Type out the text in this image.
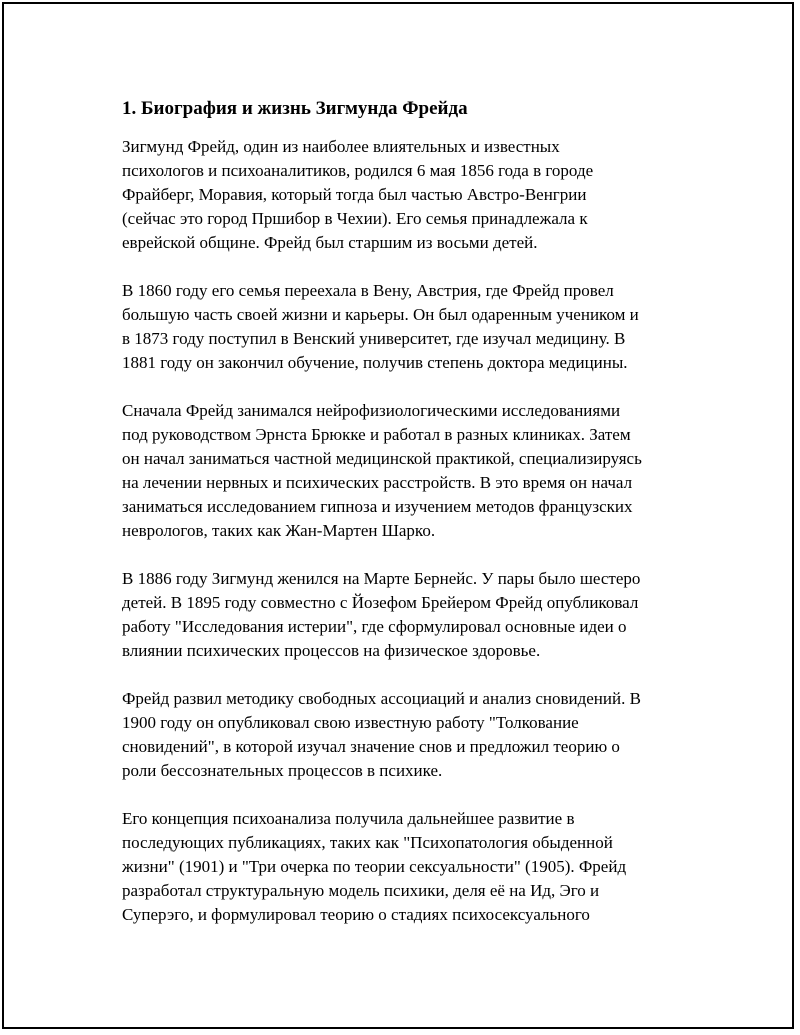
1. Биография и жизнь Зигмунда Фрейда

Зигмунд Фрейд, один из наиболее влиятельных и известных
психологов и психоаналитиков, родился 6 мая 1856 года в городе
Фрайберг, Моравия, который тогда был частью Австро-Венгрии
(сейчас это город Пршибор в Чехии). Его семья принадлежала к
еврейской общине. Фрейд был старшим из восьми детей.

В 1860 году его семья переехала в Вену, Австрия, где Фрейд провел
большую часть своей жизни и карьеры. Он был одаренным учеником и
в 1873 году поступил в Венский университет, где изучал медицину. В
1881 году он закончил обучение, получив степень доктора медицины.

Сначала Фрейд занимался нейрофизиологическими исследованиями
под руководством Эрнста Брюкке и работал в разных клиниках. Затем
он начал заниматься частной медицинской практикой, специализируясь
на лечении нервных и психических расстройств. В это время он начал
заниматься исследованием гипноза и изучением методов французских
неврологов, таких как Жан-Мартен Шарко.

В 1886 году Зигмунд женился на Марте Бернейс. У пары было шестеро
детей. В 1895 году совместно с Йозефом Брейером Фрейд опубликовал
работу "Исследования истерии", где сформулировал основные идеи о
влиянии психических процессов на физическое здоровье.

Фрейд развил методику свободных ассоциаций и анализ сновидений. В
1900 году он опубликовал свою известную работу "Толкование
сновидений", в которой изучал значение снов и предложил теорию о
роли бессознательных процессов в психике.

Его концепция психоанализа получила дальнейшее развитие в
последующих публикациях, таких как "Психопатология обыденной
жизни" (1901) и "Три очерка по теории сексуальности" (1905). Фрейд
разработал структуральную модель психики, деля её на Ид, Эго и
Суперэго, и формулировал теорию о стадиях психосексуального
